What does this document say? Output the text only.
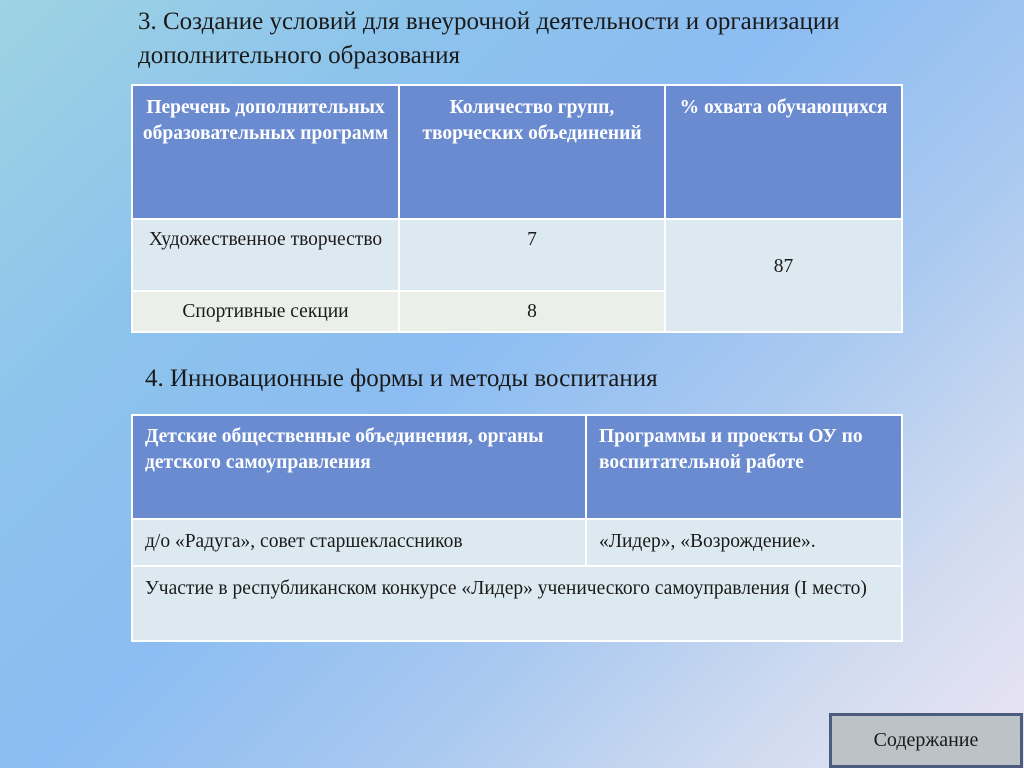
3. Создание условий для внеурочной деятельности и организации дополнительного образования
Перечень дополнительных образовательных программ	Количество групп, творческих объединений	% охвата обучающихся
Художественное творчество	7	87
Спортивные секции	8	
4. Инновационные формы и методы воспитания
Детские общественные объединения, органы детского самоуправления	Программы и проекты ОУ по воспитательной работе
д/о «Радуга», совет старшеклассников	«Лидер», «Возрождение».
Участие в республиканском конкурсе «Лидер» ученического самоуправления (I место)	
Содержание
